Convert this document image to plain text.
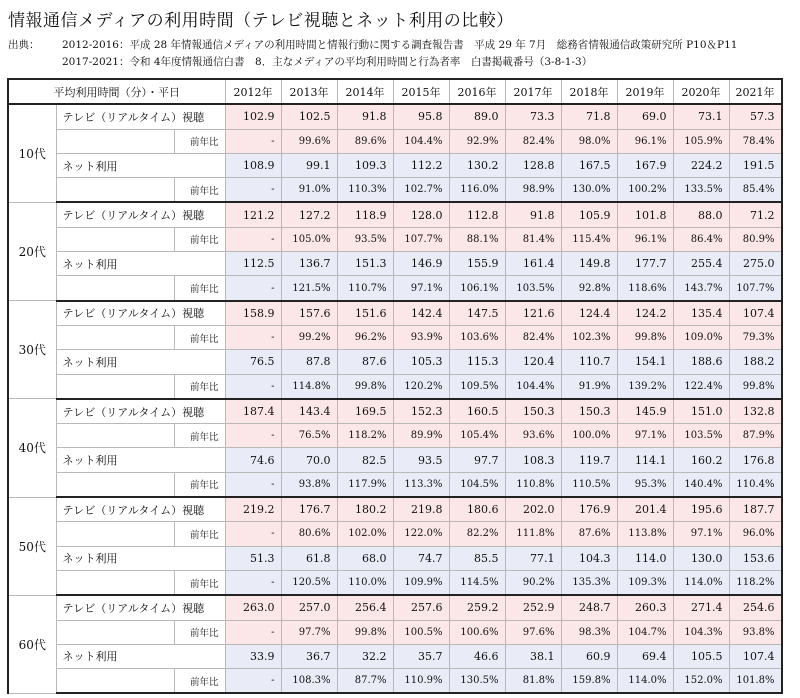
情報通信メディアの利用時間（テレビ視聴とネット利用の比較）
出典： 2012-2016：平成 28 年情報通信メディアの利用時間と情報行動に関する調査報告書　平成 29 年 7月　総務省情報通信政策研究所 P10＆P11
2017-2021：令和 4年度情報通信白書　8．主なメディアの平均利用時間と行為者率　白書掲載番号（3-8-1-3）
平均利用時間（分）・平日			2012年	2013年	2014年	2015年	2016年	2017年	2018年	2019年	2020年	2021年
10代	テレビ（リアルタイム）視聴		102.9	102.5	91.8	95.8	89.0	73.3	71.8	69.0	73.1	57.3
		前年比	-	99.6%	89.6%	104.4%	92.9%	82.4%	98.0%	96.1%	105.9%	78.4%
	ネット利用		108.9	99.1	109.3	112.2	130.2	128.8	167.5	167.9	224.2	191.5
		前年比	-	91.0%	110.3%	102.7%	116.0%	98.9%	130.0%	100.2%	133.5%	85.4%
20代	テレビ（リアルタイム）視聴		121.2	127.2	118.9	128.0	112.8	91.8	105.9	101.8	88.0	71.2
		前年比	-	105.0%	93.5%	107.7%	88.1%	81.4%	115.4%	96.1%	86.4%	80.9%
	ネット利用		112.5	136.7	151.3	146.9	155.9	161.4	149.8	177.7	255.4	275.0
		前年比	-	121.5%	110.7%	97.1%	106.1%	103.5%	92.8%	118.6%	143.7%	107.7%
30代	テレビ（リアルタイム）視聴		158.9	157.6	151.6	142.4	147.5	121.6	124.4	124.2	135.4	107.4
		前年比	-	99.2%	96.2%	93.9%	103.6%	82.4%	102.3%	99.8%	109.0%	79.3%
	ネット利用		76.5	87.8	87.6	105.3	115.3	120.4	110.7	154.1	188.6	188.2
		前年比	-	114.8%	99.8%	120.2%	109.5%	104.4%	91.9%	139.2%	122.4%	99.8%
40代	テレビ（リアルタイム）視聴		187.4	143.4	169.5	152.3	160.5	150.3	150.3	145.9	151.0	132.8
		前年比	-	76.5%	118.2%	89.9%	105.4%	93.6%	100.0%	97.1%	103.5%	87.9%
	ネット利用		74.6	70.0	82.5	93.5	97.7	108.3	119.7	114.1	160.2	176.8
		前年比	-	93.8%	117.9%	113.3%	104.5%	110.8%	110.5%	95.3%	140.4%	110.4%
50代	テレビ（リアルタイム）視聴		219.2	176.7	180.2	219.8	180.6	202.0	176.9	201.4	195.6	187.7
		前年比	-	80.6%	102.0%	122.0%	82.2%	111.8%	87.6%	113.8%	97.1%	96.0%
	ネット利用		51.3	61.8	68.0	74.7	85.5	77.1	104.3	114.0	130.0	153.6
		前年比	-	120.5%	110.0%	109.9%	114.5%	90.2%	135.3%	109.3%	114.0%	118.2%
60代	テレビ（リアルタイム）視聴		263.0	257.0	256.4	257.6	259.2	252.9	248.7	260.3	271.4	254.6
		前年比	-	97.7%	99.8%	100.5%	100.6%	97.6%	98.3%	104.7%	104.3%	93.8%
	ネット利用		33.9	36.7	32.2	35.7	46.6	38.1	60.9	69.4	105.5	107.4
		前年比	-	108.3%	87.7%	110.9%	130.5%	81.8%	159.8%	114.0%	152.0%	101.8%
